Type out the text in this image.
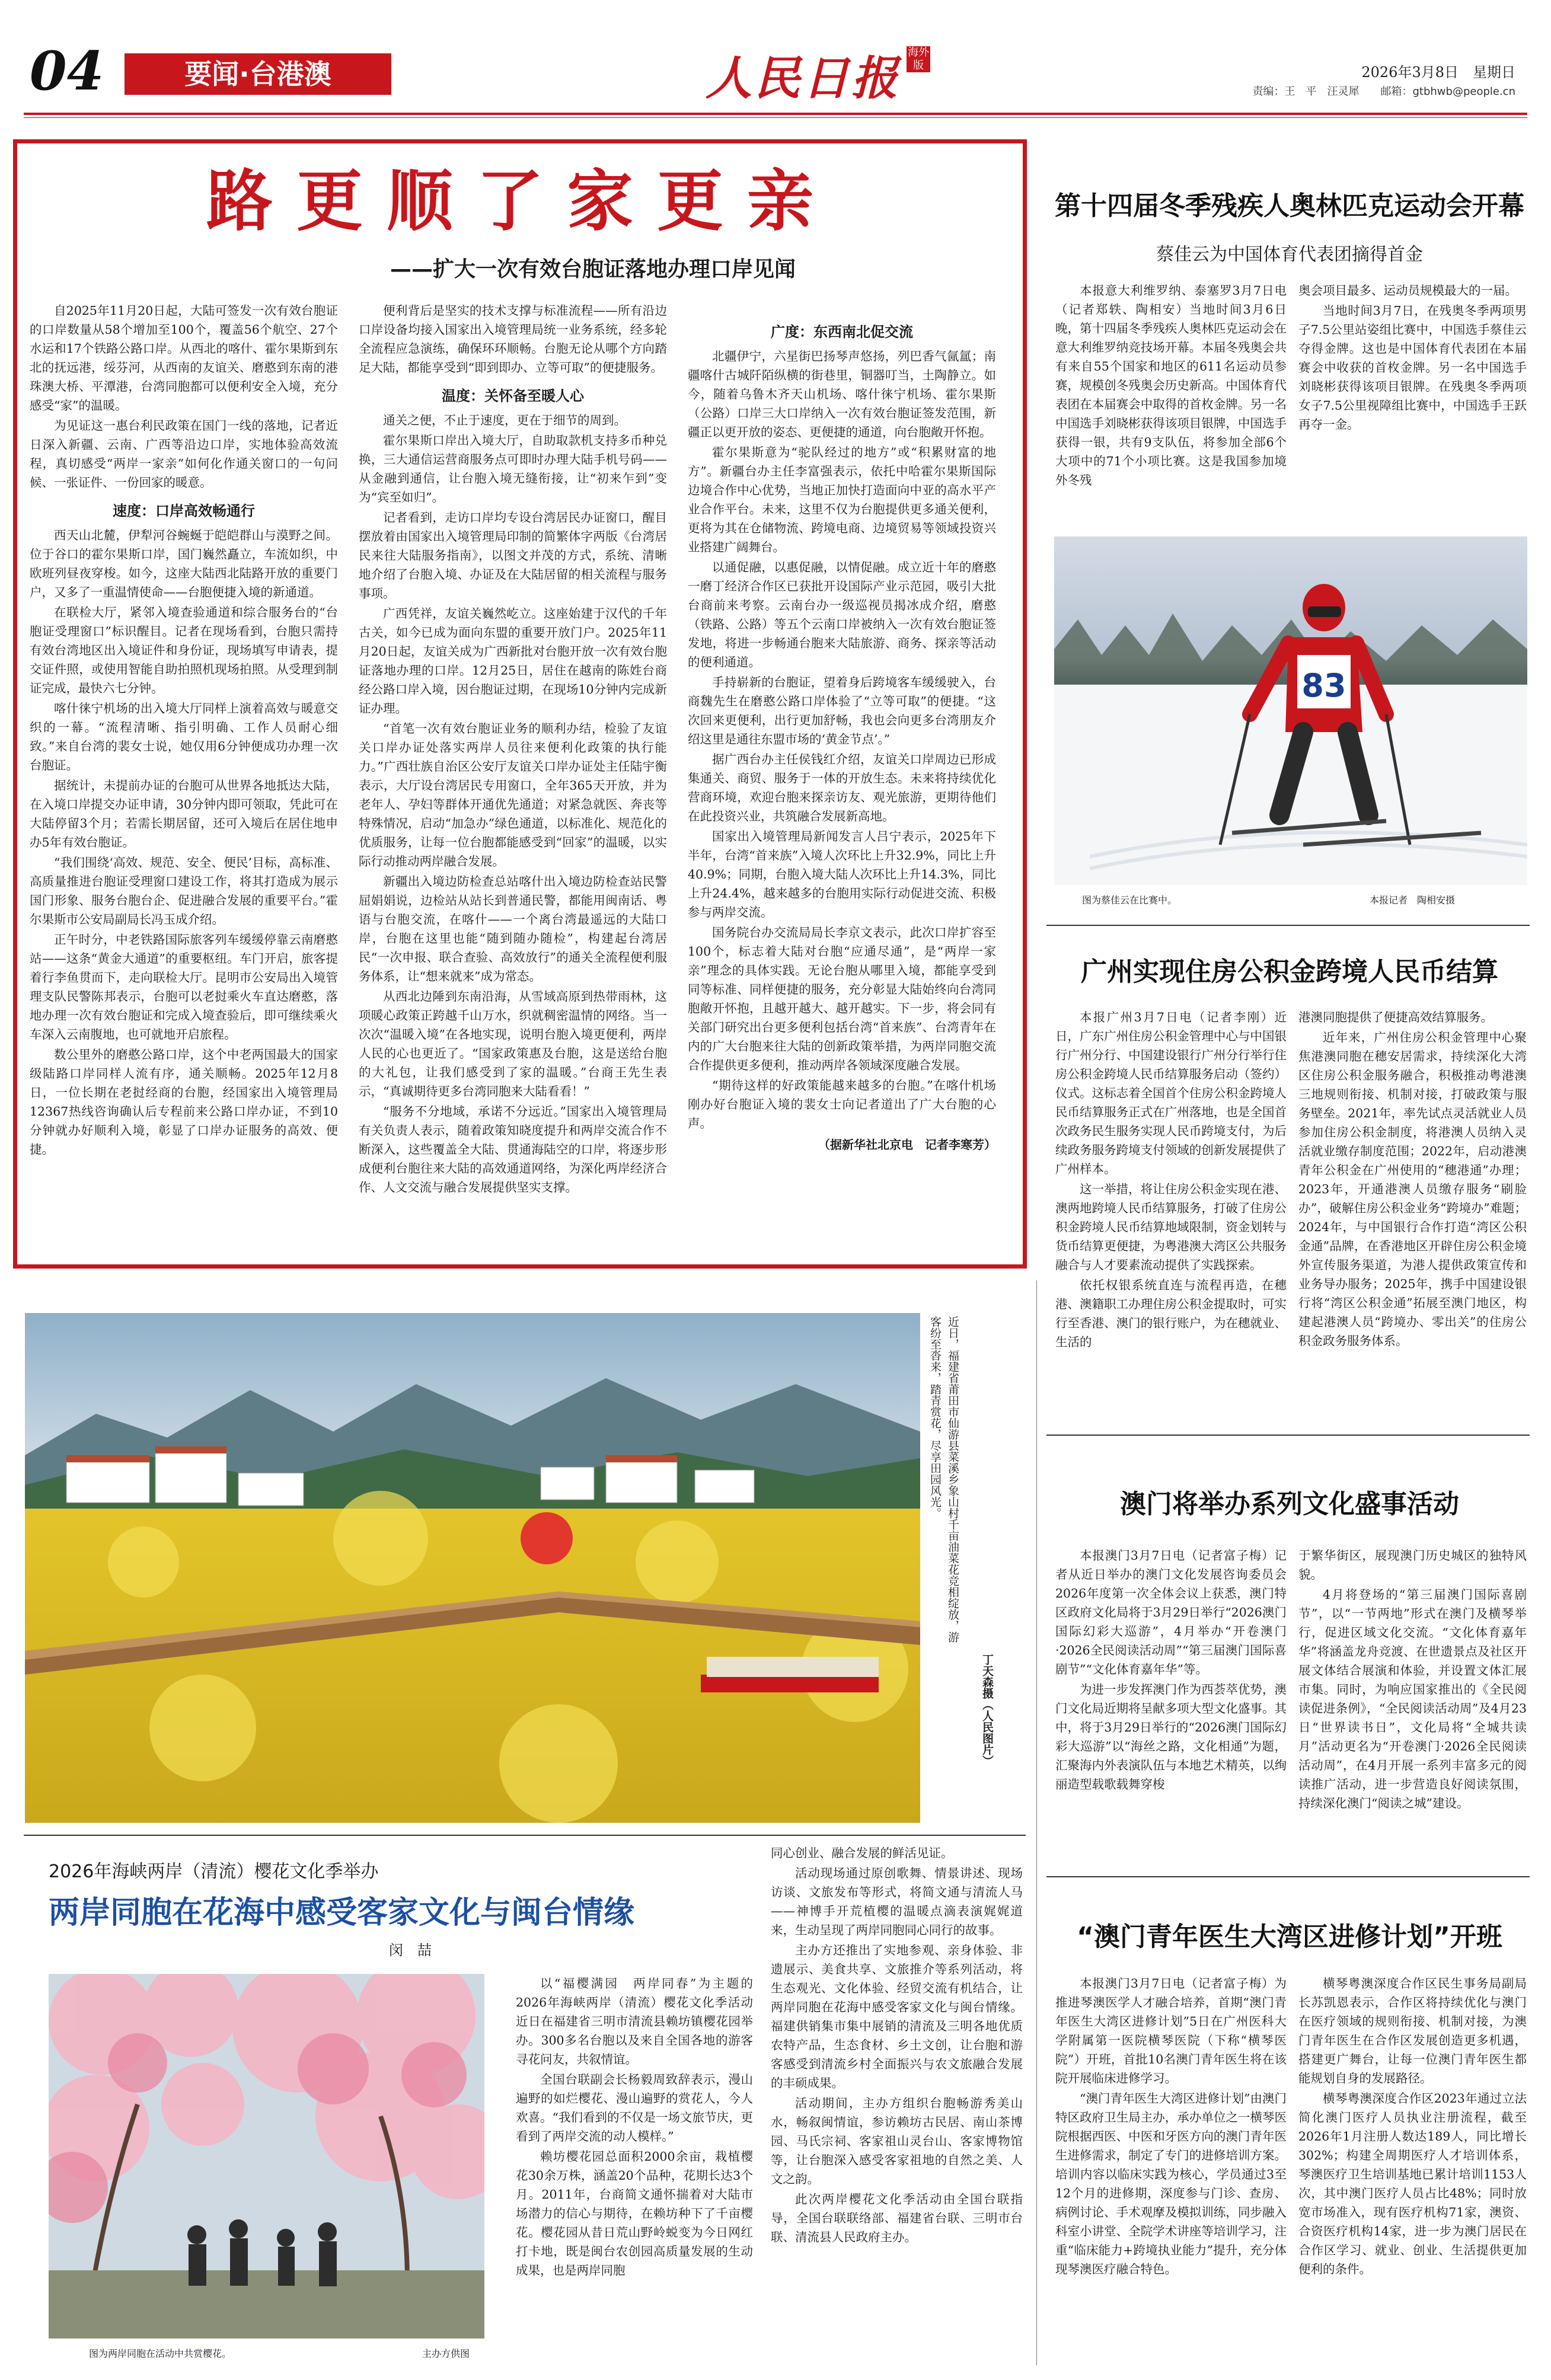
04	要闻·台港澳	人民日报 海外版	2026年3月8日　星期日
责编：王　平　汪灵犀　　邮箱：gtbhwb@people.cn
路更顺了家更亲
——扩大一次有效台胞证落地办理口岸见闻

自2025年11月20日起，大陆可签发一次有效台胞证的口岸数量从58个增加至100个，覆盖56个航空、27个水运和17个铁路公路口岸。从西北的喀什、霍尔果斯到东北的抚远港，绥芬河，从西南的友谊关、磨憨到东南的港珠澳大桥、平潭港，台湾同胞都可以便利安全入境，充分感受“家”的温暖。

为见证这一惠台利民政策在国门一线的落地，记者近日深入新疆、云南、广西等沿边口岸，实地体验高效流程，真切感受“两岸一家亲”如何化作通关窗口的一句问候、一张证件、一份回家的暖意。

速度：口岸高效畅通行

西天山北麓，伊犁河谷蜿蜒于皑皑群山与漠野之间。位于谷口的霍尔果斯口岸，国门巍然矗立，车流如织，中欧班列昼夜穿梭。如今，这座大陆西北陆路开放的重要门户，又多了一重温情使命——台胞便捷入境的新通道。

在联检大厅，紧邻入境查验通道和综合服务台的“台胞证受理窗口”标识醒目。记者在现场看到，台胞只需持有效台湾地区出入境证件和身份证，现场填写申请表，提交证件照，或使用智能自助拍照机现场拍照。从受理到制证完成，最快六七分钟。

喀什徕宁机场的出入境大厅同样上演着高效与暖意交织的一幕。“流程清晰、指引明确、工作人员耐心细致。”来自台湾的裴女士说，她仅用6分钟便成功办理一次台胞证。

据统计，未提前办证的台胞可从世界各地抵达大陆，在入境口岸提交办证申请，30分钟内即可领取，凭此可在大陆停留3个月；若需长期居留，还可入境后在居住地申办5年有效台胞证。

“我们围绕‘高效、规范、安全、便民’目标，高标准、高质量推进台胞证受理窗口建设工作，将其打造成为展示国门形象、服务台胞台企、促进融合发展的重要平台。”霍尔果斯市公安局副局长冯玉成介绍。

正午时分，中老铁路国际旅客列车缓缓停靠云南磨憨站——这条“黄金大通道”的重要枢纽。车门开启，旅客提着行李鱼贯而下，走向联检大厅。昆明市公安局出入境管理支队民警陈邦表示，台胞可以老挝乘火车直达磨憨，落地办理一次有效台胞证和完成入境查验后，即可继续乘火车深入云南腹地，也可就地开启旅程。

数公里外的磨憨公路口岸，这个中老两国最大的国家级陆路口岸同样人流有序，通关顺畅。2025年12月8日，一位长期在老挝经商的台胞，经国家出入境管理局12367热线咨询确认后专程前来公路口岸办证，不到10分钟就办好顺利入境，彰显了口岸办证服务的高效、便捷。

便利背后是坚实的技术支撑与标准流程——所有沿边口岸设备均接入国家出入境管理局统一业务系统，经多轮全流程应急演练，确保环环顺畅。台胞无论从哪个方向踏足大陆，都能享受到“即到即办、立等可取”的便捷服务。

温度：关怀备至暖人心

通关之便，不止于速度，更在于细节的周到。

霍尔果斯口岸出入境大厅，自助取款机支持多币种兑换，三大通信运营商服务点可即时办理大陆手机号码——从金融到通信，让台胞入境无缝衔接，让“初来乍到”变为“宾至如归”。

记者看到，走访口岸均专设台湾居民办证窗口，醒目摆放着由国家出入境管理局印制的简繁体字两版《台湾居民来往大陆服务指南》，以图文并茂的方式，系统、清晰地介绍了台胞入境、办证及在大陆居留的相关流程与服务事项。

广西凭祥，友谊关巍然屹立。这座始建于汉代的千年古关，如今已成为面向东盟的重要开放门户。2025年11月20日起，友谊关成为广西新批对台胞开放一次有效台胞证落地办理的口岸。12月25日，居住在越南的陈姓台商经公路口岸入境，因台胞证过期，在现场10分钟内完成新证办理。

“首笔一次有效台胞证业务的顺利办结，检验了友谊关口岸办证处落实两岸人员往来便利化政策的执行能力。”广西壮族自治区公安厅友谊关口岸办证处主任陆宇衡表示，大厅设台湾居民专用窗口，全年365天开放，并为老年人、孕妇等群体开通优先通道；对紧急就医、奔丧等特殊情况，启动“加急办”绿色通道，以标准化、规范化的优质服务，让每一位台胞都能感受到“回家”的温暖，以实际行动推动两岸融合发展。

新疆出入境边防检查总站喀什出入境边防检查站民警屈娟娟说，边检站从站长到普通民警，都能用闽南话、粤语与台胞交流，在喀什——一个离台湾最遥远的大陆口岸，台胞在这里也能“随到随办随检”，构建起台湾居民“一次申报、联合查验、高效放行”的通关全流程便利服务体系，让“想来就来”成为常态。

从西北边陲到东南沿海，从雪域高原到热带雨林，这项暖心政策正跨越千山万水，织就稠密温情的网络。当一次次“温暖入境”在各地实现，说明台胞入境更便利，两岸人民的心也更近了。“国家政策惠及台胞，这是送给台胞的大礼包，让我们感受到了家的温暖。”台商王先生表示，“真诚期待更多台湾同胞来大陆看看！”

“服务不分地域，承诺不分远近。”国家出入境管理局有关负责人表示，随着政策知晓度提升和两岸交流合作不断深入，这些覆盖全大陆、贯通海陆空的口岸，将逐步形成便利台胞往来大陆的高效通道网络，为深化两岸经济合作、人文交流与融合发展提供坚实支撑。

广度：东西南北促交流

北疆伊宁，六星街巴扬琴声悠扬，列巴香气氤氲；南疆喀什古城阡陌纵横的街巷里，铜器叮当，土陶静立。如今，随着乌鲁木齐天山机场、喀什徕宁机场、霍尔果斯（公路）口岸三大口岸纳入一次有效台胞证签发范围，新疆正以更开放的姿态、更便捷的通道，向台胞敞开怀抱。

霍尔果斯意为“驼队经过的地方”或“积累财富的地方”。新疆台办主任李富强表示，依托中哈霍尔果斯国际边境合作中心优势，当地正加快打造面向中亚的高水平产业合作平台。未来，这里不仅为台胞提供更多通关便利，更将为其在仓储物流、跨境电商、边境贸易等领域投资兴业搭建广阔舞台。

以通促融，以惠促融，以情促融。成立近十年的磨憨一磨丁经济合作区已获批开设国际产业示范园，吸引大批台商前来考察。云南台办一级巡视员揭冰成介绍，磨憨（铁路、公路）等五个云南口岸被纳入一次有效台胞证签发地，将进一步畅通台胞来大陆旅游、商务、探亲等活动的便利通道。

手持崭新的台胞证，望着身后跨境客车缓缓驶入，台商魏先生在磨憨公路口岸体验了“立等可取”的便捷。“这次回来更便利，出行更加舒畅，我也会向更多台湾朋友介绍这里是通往东盟市场的‘黄金节点’。”

据广西台办主任侯钱红介绍，友谊关口岸周边已形成集通关、商贸、服务于一体的开放生态。未来将持续优化营商环境，欢迎台胞来探亲访友、观光旅游，更期待他们在此投资兴业，共筑融合发展新高地。

国家出入境管理局新闻发言人吕宁表示，2025年下半年，台湾“首来族”入境人次环比上升32.9%，同比上升40.9%；同期，台胞入境大陆人次环比上升14.3%，同比上升24.4%，越来越多的台胞用实际行动促进交流、积极参与两岸交流。

国务院台办交流局局长李京文表示，此次口岸扩容至100个，标志着大陆对台胞“应通尽通”，是“两岸一家亲”理念的具体实践。无论台胞从哪里入境，都能享受到同等标准、同样便捷的服务，充分彰显大陆始终向台湾同胞敞开怀抱，且越开越大、越开越实。下一步，将会同有关部门研究出台更多便利包括台湾“首来族”、台湾青年在内的广大台胞来往大陆的创新政策举措，为两岸同胞交流合作提供更多便利，推动两岸各领域深度融合发展。

“期待这样的好政策能越来越多的台胞。”在喀什机场刚办好台胞证入境的裴女士向记者道出了广大台胞的心声。

（据新华社北京电　记者李寒芳）
第十四届冬季残疾人奥林匹克运动会开幕
蔡佳云为中国体育代表团摘得首金

本报意大利维罗纳、泰塞罗3月7日电（记者郑轶、陶相安）当地时间3月6日晚，第十四届冬季残疾人奥林匹克运动会在意大利维罗纳竞技场开幕。本届冬残奥会共有来自55个国家和地区的611名运动员参赛，规模创冬残奥会历史新高。中国体育代表团在本届赛会中取得的首枚金牌。另一名中国选手刘晓彬获得该项目银牌，中国选手获得一银，共有9支队伍，将参加全部6个大项中的71个小项比赛。这是我国参加境外冬残

奥会项目最多、运动员规模最大的一届。

当地时间3月7日，在残奥冬季两项男子7.5公里站姿组比赛中，中国选手蔡佳云夺得金牌。这也是中国体育代表团在本届赛会中收获的首枚金牌。另一名中国选手刘晓彬获得该项目银牌。在残奥冬季两项女子7.5公里视障组比赛中，中国选手王跃再夺一金。

83
图为蔡佳云在比赛中。	本报记者　陶相安摄
广州实现住房公积金跨境人民币结算

本报广州3月7日电（记者李刚）近日，广东广州住房公积金管理中心与中国银行广州分行、中国建设银行广州分行举行住房公积金跨境人民币结算服务启动（签约）仪式。这标志着全国首个住房公积金跨境人民币结算服务正式在广州落地，也是全国首次政务民生服务实现人民币跨境支付，为后续政务服务跨境支付领域的创新发展提供了广州样本。

这一举措，将让住房公积金实现在港、澳两地跨境人民币结算服务，打破了住房公积金跨境人民币结算地域限制，资金划转与货币结算更便捷，为粤港澳大湾区公共服务融合与人才要素流动提供了实践探索。

依托权银系统直连与流程再造，在穗港、澳籍职工办理住房公积金提取时，可实行至香港、澳门的银行账户，为在穗就业、生活的

港澳同胞提供了便捷高效结算服务。

近年来，广州住房公积金管理中心聚焦港澳同胞在穗安居需求，持续深化大湾区住房公积金服务融合，积极推动粤港澳三地规则衔接、机制对接，打破政策与服务壁垒。2021年，率先试点灵活就业人员参加住房公积金制度，将港澳人员纳入灵活就业缴存制度范围；2022年，启动港澳青年公积金在广州使用的“穗港通”办理；2023年，开通港澳人员缴存服务“刷脸办”，破解住房公积金业务“跨境办”难题；2024年，与中国银行合作打造“湾区公积金通”品牌，在香港地区开辟住房公积金境外宣传服务渠道，为港人提供政策宣传和业务导办服务；2025年，携手中国建设银行将“湾区公积金通”拓展至澳门地区，构建起港澳人员“跨境办、零出关”的住房公积金政务服务体系。

澳门将举办系列文化盛事活动

本报澳门3月7日电（记者富子梅）记者从近日举办的澳门文化发展咨询委员会2026年度第一次全体会议上获悉，澳门特区政府文化局将于3月29日举行“2026澳门国际幻彩大巡游”，4月举办“开卷澳门·2026全民阅读活动周”“第三届澳门国际喜剧节”“文化体育嘉年华”等。

为进一步发挥澳门作为西荟萃优势，澳门文化局近期将呈献多项大型文化盛事。其中，将于3月29日举行的“2026澳门国际幻彩大巡游”以“海丝之路，文化相通”为题，汇聚海内外表演队伍与本地艺术精英，以绚丽造型载歌载舞穿梭

于繁华街区，展现澳门历史城区的独特风貌。

4月将登场的“第三届澳门国际喜剧节”，以“一节两地”形式在澳门及横琴举行，促进区域文化交流。“文化体育嘉年华”将涵盖龙舟竞渡、在世遗景点及社区开展文体结合展演和体验，并设置文体汇展市集。同时，为响应国家推出的《全民阅读促进条例》，“全民阅读活动周”及4月23日“世界读书日”，文化局将“全城共读月”活动更名为“开卷澳门·2026全民阅读活动周”，在4月开展一系列丰富多元的阅读推广活动，进一步营造良好阅读氛围，持续深化澳门“阅读之城”建设。

“澳门青年医生大湾区进修计划”开班

本报澳门3月7日电（记者富子梅）为推进琴澳医学人才融合培养，首期“澳门青年医生大湾区进修计划”5日在广州医科大学附属第一医院横琴医院（下称“横琴医院”）开班，首批10名澳门青年医生将在该院开展临床进修学习。

“澳门青年医生大湾区进修计划”由澳门特区政府卫生局主办，承办单位之一横琴医院根据西医、中医和牙医方向的澳门青年医生进修需求，制定了专门的进修培训方案。培训内容以临床实践为核心，学员通过3至12个月的进修期，深度参与门诊、查房、病例讨论、手术观摩及模拟训练，同步融入科室小讲堂、全院学术讲座等培训学习，注重“临床能力+跨境执业能力”提升，充分体现琴澳医疗融合特色。

横琴粤澳深度合作区民生事务局副局长苏凯恩表示，合作区将持续优化与澳门在医疗领域的规则衔接、机制对接，为澳门青年医生在合作区发展创造更多机遇，搭建更广舞台，让每一位澳门青年医生都能规划自身的发展路径。

横琴粤澳深度合作区2023年通过立法简化澳门医疗人员执业注册流程，截至2026年1月注册人数达189人，同比增长302%；构建全周期医疗人才培训体系，琴澳医疗卫生培训基地已累计培训1153人次，其中澳门医疗人员占比48%；同时放宽市场准入，现有医疗机构71家，澳资、合资医疗机构14家，进一步为澳门居民在合作区学习、就业、创业、生活提供更加便利的条件。

近日，福建省莆田市仙游县菜溪乡象山村千亩油菜花竞相绽放，游客纷至沓来，踏青赏花，尽享田园风光。
丁天森摄（人民图片）
2026年海峡两岸（清流）樱花文化季举办
两岸同胞在花海中感受客家文化与闽台情缘
闵　喆
图为两岸同胞在活动中共赏樱花。	主办方供图

以“福樱满园　两岸同春”为主题的2026年海峡两岸（清流）樱花文化季活动近日在福建省三明市清流县赖坊镇樱花园举办。300多名台胞以及来自全国各地的游客寻花问友，共叙情谊。

全国台联副会长杨毅周致辞表示，漫山遍野的如烂樱花、漫山遍野的赏花人，今人欢喜。“我们看到的不仅是一场文旅节庆，更看到了两岸交流的动人模样。”

赖坊樱花园总面积2000余亩，栽植樱花30余万株，涵盖20个品种，花期长达3个月。2011年，台商简文通怀揣着对大陆市场潜力的信心与期待，在赖坊种下了千亩樱花。樱花园从昔日荒山野岭蜕变为今日网红打卡地，既是闽台农创园高质量发展的生动成果，也是两岸同胞

同心创业、融合发展的鲜活见证。

活动现场通过原创歌舞、情景讲述、现场访谈、文旅发布等形式，将简文通与清流人马——神博手开荒植樱的温暖点滴表演娓娓道来，生动呈现了两岸同胞同心同行的故事。

主办方还推出了实地参观、亲身体验、非遗展示、美食共享、文旅推介等系列活动，将生态观光、文化体验、经贸交流有机结合，让两岸同胞在花海中感受客家文化与闽台情缘。福建供销集市集中展销的清流及三明各地优质农特产品，生态食材、乡土文创，让台胞和游客感受到清流乡村全面振兴与农文旅融合发展的丰硕成果。

活动期间，主办方组织台胞畅游秀美山水，畅叙闽情谊，参访赖坊古民居、南山茶博园、马氏宗祠、客家祖山灵台山、客家博物馆等，让台胞深入感受客家祖地的自然之美、人文之韵。

此次两岸樱花文化季活动由全国台联指导，全国台联联络部、福建省台联、三明市台联、清流县人民政府主办。
